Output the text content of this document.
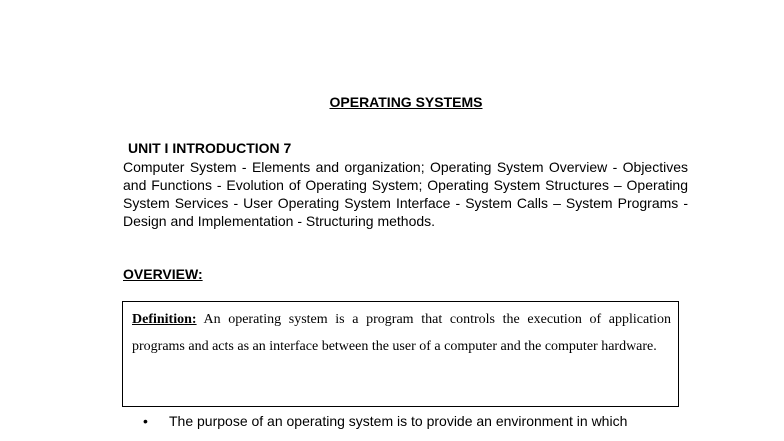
OPERATING SYSTEMS
UNIT I INTRODUCTION 7
Computer System - Elements and organization; Operating System Overview - Objectives and Functions - Evolution of Operating System; Operating System Structures – Operating System Services - User Operating System Interface - System Calls – System Programs - Design and Implementation - Structuring methods.
OVERVIEW:
Definition: An operating system is a program that controls the execution of application programs and acts as an interface between the user of a computer and the computer hardware.
• The purpose of an operating system is to provide an environment in which
